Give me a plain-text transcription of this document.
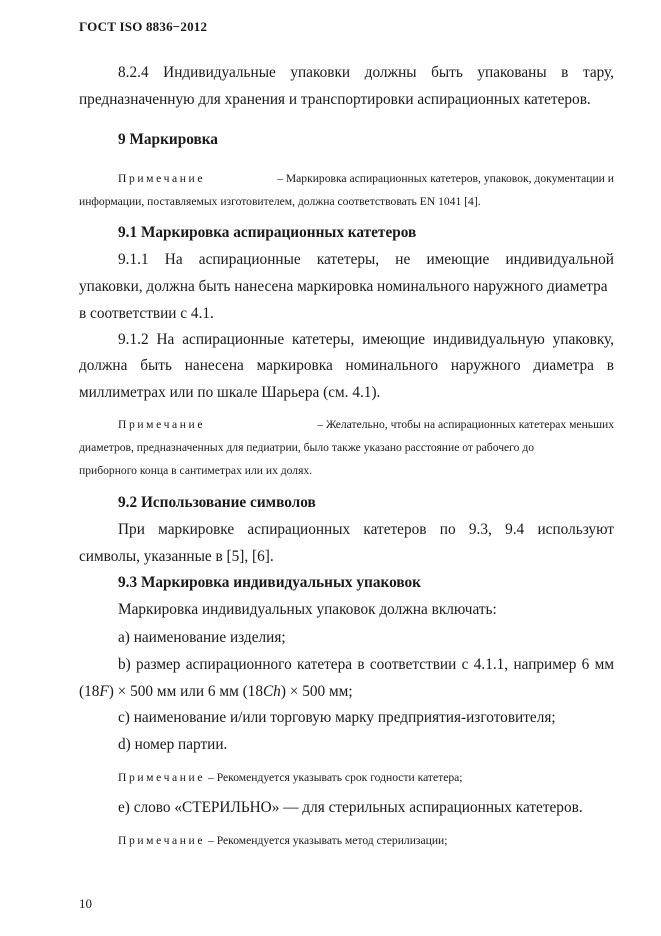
ГОСТ ISO 8836−2012
8.2.4 Индивидуальные упаковки должны быть упакованы в тару,
предназначенную для хранения и транспортировки аспирационных катетеров.
9 Маркировка
Примечание	– Маркировка аспирационных катетеров, упаковок, документации и
информации, поставляемых изготовителем, должна соответствовать EN 1041 [4].
9.1 Маркировка аспирационных катетеров
9.1.1 На аспирационные катетеры, не имеющие индивидуальной
упаковки, должна быть нанесена маркировка номинального наружного диаметра
в соответствии с 4.1.
9.1.2 На аспирационные катетеры, имеющие индивидуальную упаковку,
должна быть нанесена маркировка номинального наружного диаметра в
миллиметрах или по шкале Шарьера (см. 4.1).
Примечание	– Желательно, чтобы на аспирационных катетерах меньших
диаметров, предназначенных для педиатрии, было также указано расстояние от рабочего до
приборного конца в сантиметрах или их долях.
9.2 Использование символов
При маркировке аспирационных катетеров по 9.3, 9.4 используют
символы, указанные в [5], [6].
9.3 Маркировка индивидуальных упаковок
Маркировка индивидуальных упаковок должна включать:
a) наименование изделия;
b) размер аспирационного катетера в соответствии с 4.1.1, например 6 мм
(18F) × 500 мм или 6 мм (18Ch) × 500 мм;
c) наименование и/или торговую марку предприятия-изготовителя;
d) номер партии.
Примечание – Рекомендуется указывать срок годности катетера;
e) слово «СТЕРИЛЬНО» — для стерильных аспирационных катетеров.
Примечание – Рекомендуется указывать метод стерилизации;
10
